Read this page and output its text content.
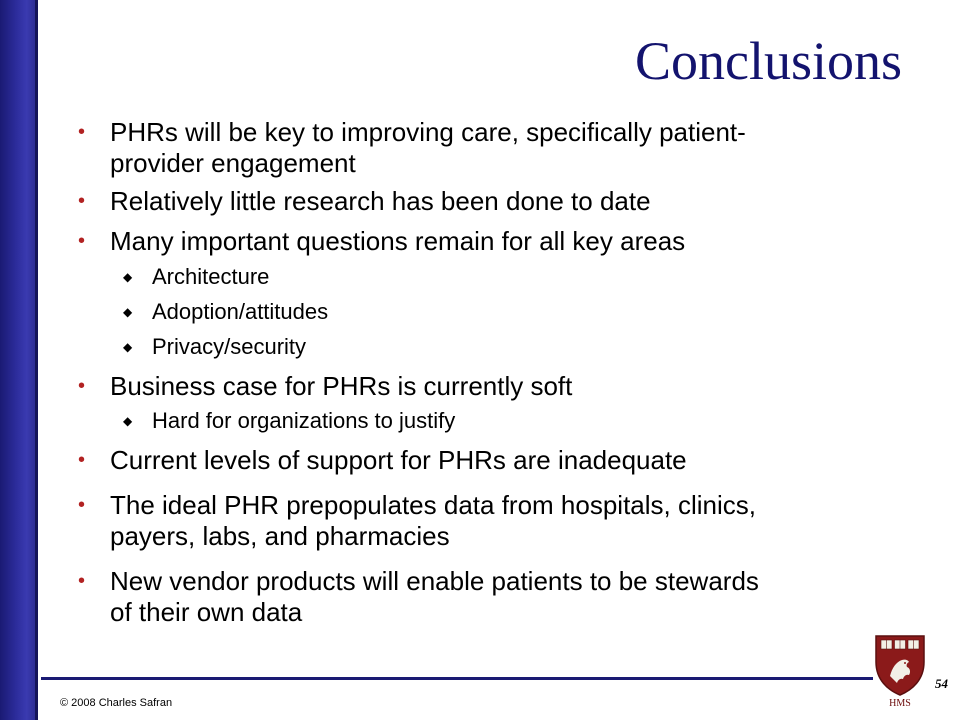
Conclusions
• PHRs will be key to improving care, specifically patient-
provider engagement
• Relatively little research has been done to date
• Many important questions remain for all key areas
◆ Architecture
◆ Adoption/attitudes
◆ Privacy/security
• Business case for PHRs is currently soft
◆ Hard for organizations to justify
• Current levels of support for PHRs are inadequate
• The ideal PHR prepopulates data from hospitals, clinics,
payers, labs, and pharmacies
• New vendor products will enable patients to be stewards
of their own data
© 2008 Charles Safran	HMS
54
